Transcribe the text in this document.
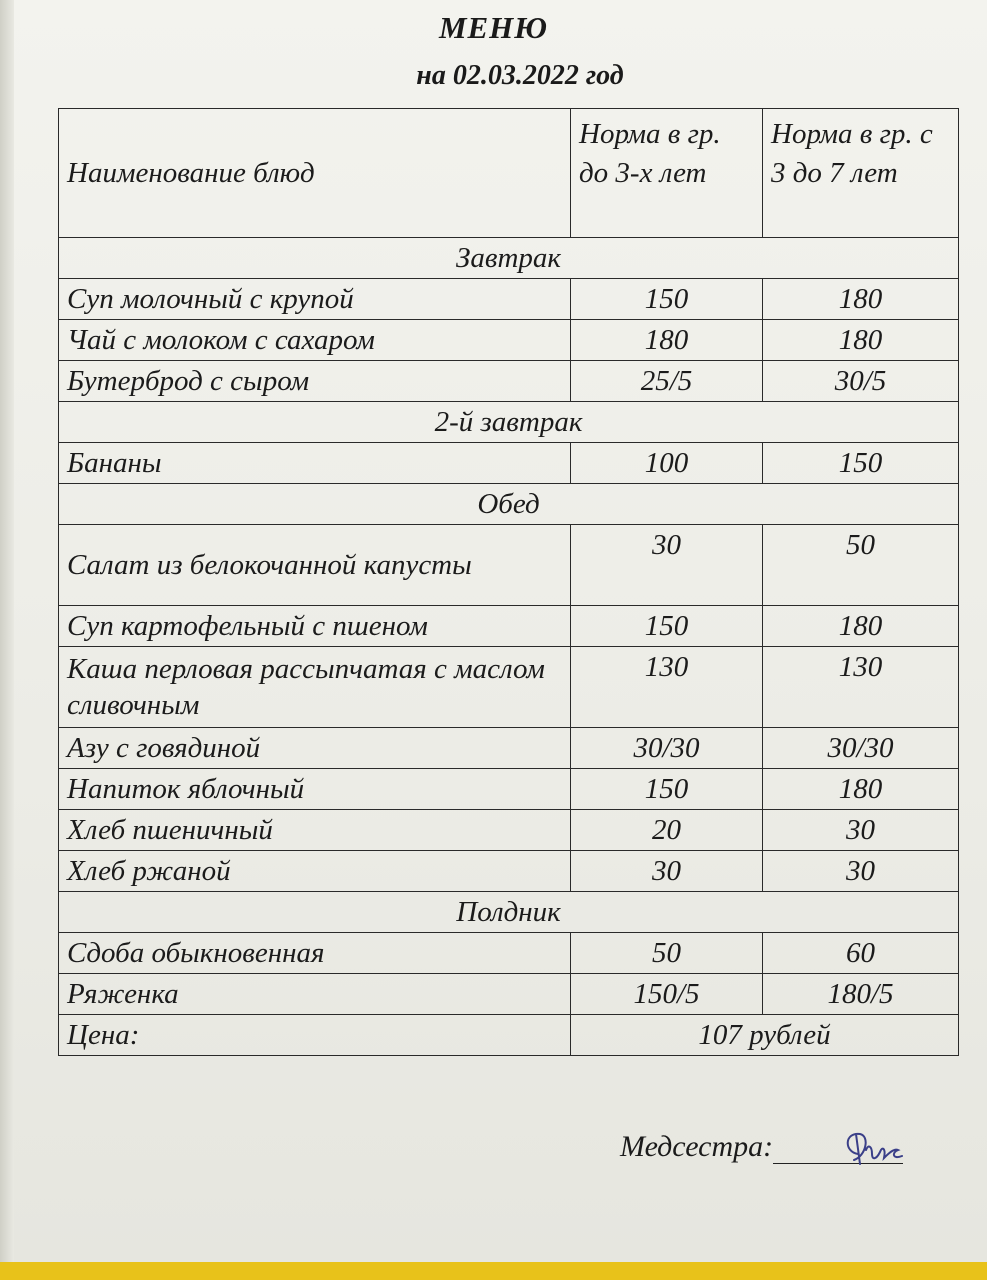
МЕНЮ
на 02.03.2022 год
Наименование блюд	Норма в гр. до 3-х лет	Норма в гр. с 3 до 7 лет
Завтрак		
Суп молочный с крупой	150	180
Чай с молоком с сахаром	180	180
Бутерброд с сыром	25/5	30/5
2-й завтрак		
Бананы	100	150
Обед		
Салат из белокочанной капусты	30	50
Суп картофельный с пшеном	150	180
Каша перловая рассыпчатая с маслом сливочным	130	130
Азу с говядиной	30/30	30/30
Напиток яблочный	150	180
Хлеб пшеничный	20	30
Хлеб ржаной	30	30
Полдник		
Сдоба обыкновенная	50	60
Ряженка	150/5	180/5
Цена:	107 рублей	
Медсестра:
